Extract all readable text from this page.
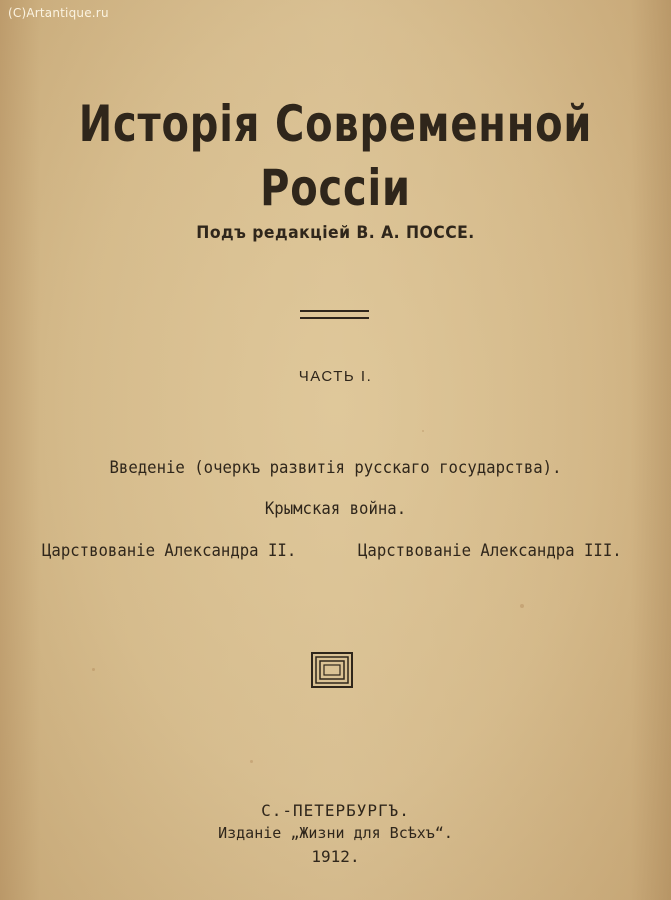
(C)Artantique.ru
Исторія Современной Россіи
Подъ редакціей В. А. ПОССЕ.
ЧАСТЬ I.
Введеніе (очеркъ развитія русскаго государства).
Крымская война.
Царствованіе Александра II.	Царствованіе Александра III.
С.-ПЕТЕРБУРГЪ.
Изданіе „Жизни для Всѣхъ“.
1912.
